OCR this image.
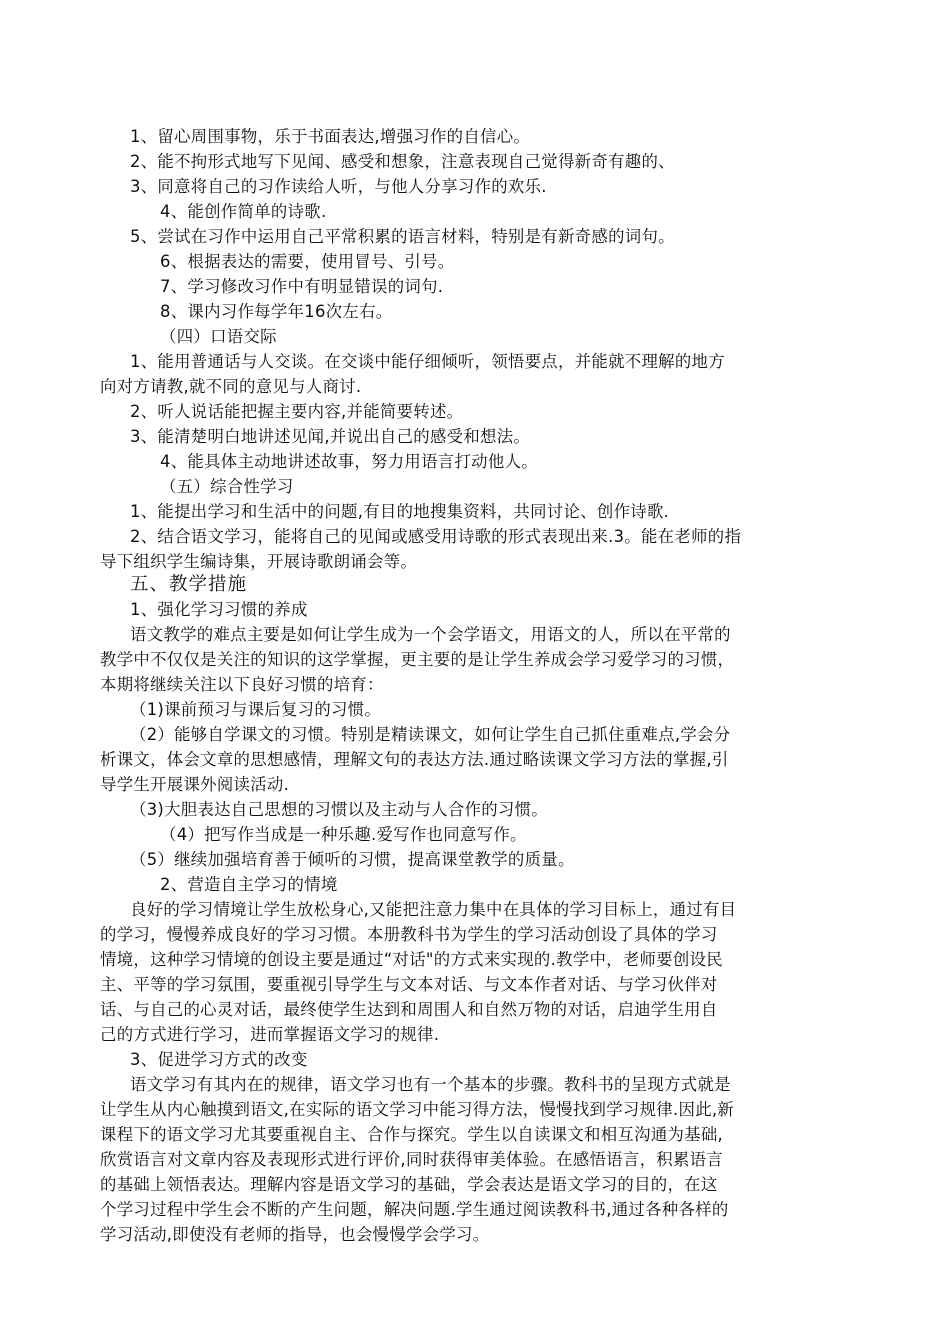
1、留心周围事物，乐于书面表达,增强习作的自信心。
2、能不拘形式地写下见闻、感受和想象，注意表现自己觉得新奇有趣的、
3、同意将自己的习作读给人听，与他人分享习作的欢乐.
4、能创作简单的诗歌.
5、尝试在习作中运用自己平常积累的语言材料，特别是有新奇感的词句。
6、根据表达的需要，使用冒号、引号。
7、学习修改习作中有明显错误的词句.
8、课内习作每学年16次左右。
（四）口语交际
1、能用普通话与人交谈。在交谈中能仔细倾听，领悟要点，并能就不理解的地方
向对方请教,就不同的意见与人商讨.
2、听人说话能把握主要内容,并能简要转述。
3、能清楚明白地讲述见闻,并说出自己的感受和想法。
4、能具体主动地讲述故事，努力用语言打动他人。
（五）综合性学习
1、能提出学习和生活中的问题,有目的地搜集资料，共同讨论、创作诗歌.
2、结合语文学习，能将自己的见闻或感受用诗歌的形式表现出来.3。能在老师的指
导下组织学生编诗集，开展诗歌朗诵会等。
五、教学措施
1、强化学习习惯的养成
语文教学的难点主要是如何让学生成为一个会学语文，用语文的人，所以在平常的
教学中不仅仅是关注的知识的这学掌握，更主要的是让学生养成会学习爱学习的习惯，
本期将继续关注以下良好习惯的培育：
（1)课前预习与课后复习的习惯。
（2）能够自学课文的习惯。特别是精读课文，如何让学生自己抓住重难点,学会分
析课文，体会文章的思想感情，理解文句的表达方法.通过略读课文学习方法的掌握,引
导学生开展课外阅读活动.
（3)大胆表达自己思想的习惯以及主动与人合作的习惯。
（4）把写作当成是一种乐趣.爱写作也同意写作。
（5）继续加强培育善于倾听的习惯，提高课堂教学的质量。
2、营造自主学习的情境
良好的学习情境让学生放松身心,又能把注意力集中在具体的学习目标上，通过有目
的学习，慢慢养成良好的学习习惯。本册教科书为学生的学习活动创设了具体的学习
情境，这种学习情境的创设主要是通过“对话"的方式来实现的.教学中，老师要创设民
主、平等的学习氛围，要重视引导学生与文本对话、与文本作者对话、与学习伙伴对
话、与自己的心灵对话，最终使学生达到和周围人和自然万物的对话，启迪学生用自
己的方式进行学习，进而掌握语文学习的规律.
3、促进学习方式的改变
语文学习有其内在的规律，语文学习也有一个基本的步骤。教科书的呈现方式就是
让学生从内心触摸到语文,在实际的语文学习中能习得方法，慢慢找到学习规律.因此,新
课程下的语文学习尤其要重视自主、合作与探究。学生以自读课文和相互沟通为基础,
欣赏语言对文章内容及表现形式进行评价,同时获得审美体验。在感悟语言，积累语言
的基础上领悟表达。理解内容是语文学习的基础，学会表达是语文学习的目的，在这
个学习过程中学生会不断的产生问题，解决问题.学生通过阅读教科书,通过各种各样的
学习活动,即使没有老师的指导，也会慢慢学会学习。
